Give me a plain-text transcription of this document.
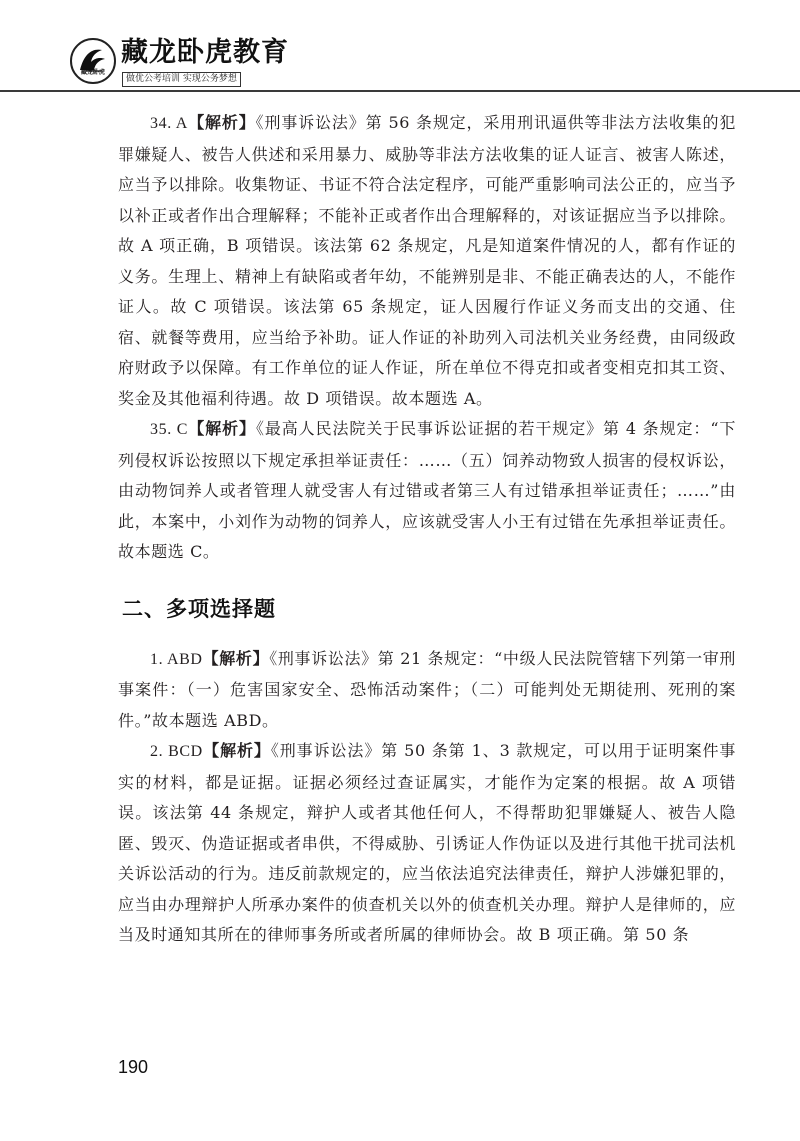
藏龙卧虎
藏龙卧虎教育
做优公考培训 实现公务梦想

34. A【解析】《刑事诉讼法》第 56 条规定，采用刑讯逼供等非法方法收集的犯罪嫌疑人、被告人供述和采用暴力、威胁等非法方法收集的证人证言、被害人陈述，应当予以排除。收集物证、书证不符合法定程序，可能严重影响司法公正的，应当予以补正或者作出合理解释；不能补正或者作出合理解释的，对该证据应当予以排除。故 A 项正确，B 项错误。该法第 62 条规定，凡是知道案件情况的人，都有作证的义务。生理上、精神上有缺陷或者年幼，不能辨别是非、不能正确表达的人，不能作证人。故 C 项错误。该法第 65 条规定，证人因履行作证义务而支出的交通、住宿、就餐等费用，应当给予补助。证人作证的补助列入司法机关业务经费，由同级政府财政予以保障。有工作单位的证人作证，所在单位不得克扣或者变相克扣其工资、奖金及其他福利待遇。故 D 项错误。故本题选 A。

35. C【解析】《最高人民法院关于民事诉讼证据的若干规定》第 4 条规定：“下列侵权诉讼按照以下规定承担举证责任：……（五）饲养动物致人损害的侵权诉讼，由动物饲养人或者管理人就受害人有过错或者第三人有过错承担举证责任；……”由此，本案中，小刘作为动物的饲养人，应该就受害人小王有过错在先承担举证责任。故本题选 C。

二、多项选择题

1. ABD【解析】《刑事诉讼法》第 21 条规定：“中级人民法院管辖下列第一审刑事案件：（一）危害国家安全、恐怖活动案件；（二）可能判处无期徒刑、死刑的案件。”故本题选 ABD。

2. BCD【解析】《刑事诉讼法》第 50 条第 1、3 款规定，可以用于证明案件事实的材料，都是证据。证据必须经过查证属实，才能作为定案的根据。故 A 项错误。该法第 44 条规定，辩护人或者其他任何人，不得帮助犯罪嫌疑人、被告人隐匿、毁灭、伪造证据或者串供，不得威胁、引诱证人作伪证以及进行其他干扰司法机关诉讼活动的行为。违反前款规定的，应当依法追究法律责任，辩护人涉嫌犯罪的，应当由办理辩护人所承办案件的侦查机关以外的侦查机关办理。辩护人是律师的，应当及时通知其所在的律师事务所或者所属的律师协会。故 B 项正确。第 50 条

190
